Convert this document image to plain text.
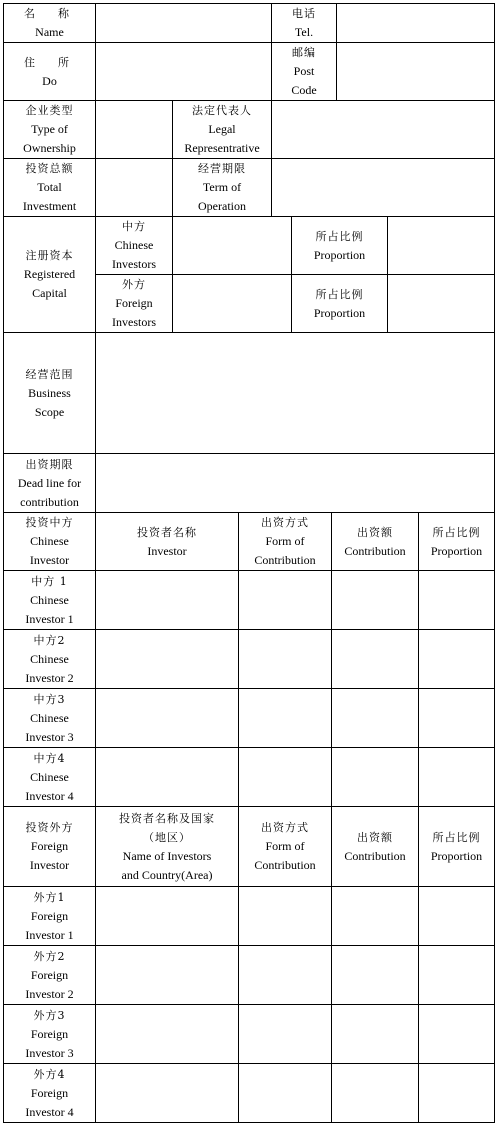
名　称
Name
电话
Tel.
住　所
Do
邮编
Post
Code
企业类型
Type of
Ownership
法定代表人
Legal
Representrative
投资总额
Total
Investment
经营期限
Term of
Operation
注册资本
Registered
Capital
中方
Chinese
Investors
所占比例
Proportion
外方
Foreign
Investors
所占比例
Proportion
经营范围
Business
Scope
出资期限
Dead line for
contribution
投资中方
Chinese
Investor
投资者名称
Investor
出资方式
Form of
Contribution
出资额
Contribution
所占比例
Proportion
中方 1
Chinese
Investor 1
中方2
Chinese
Investor 2
中方3
Chinese
Investor 3
中方4
Chinese
Investor 4
投资外方
Foreign
Investor
投资者名称及国家
（地区）
Name of Investors
and Country(Area)
出资方式
Form of
Contribution
出资额
Contribution
所占比例
Proportion
外方1
Foreign
Investor 1
外方2
Foreign
Investor 2
外方3
Foreign
Investor 3
外方4
Foreign
Investor 4
